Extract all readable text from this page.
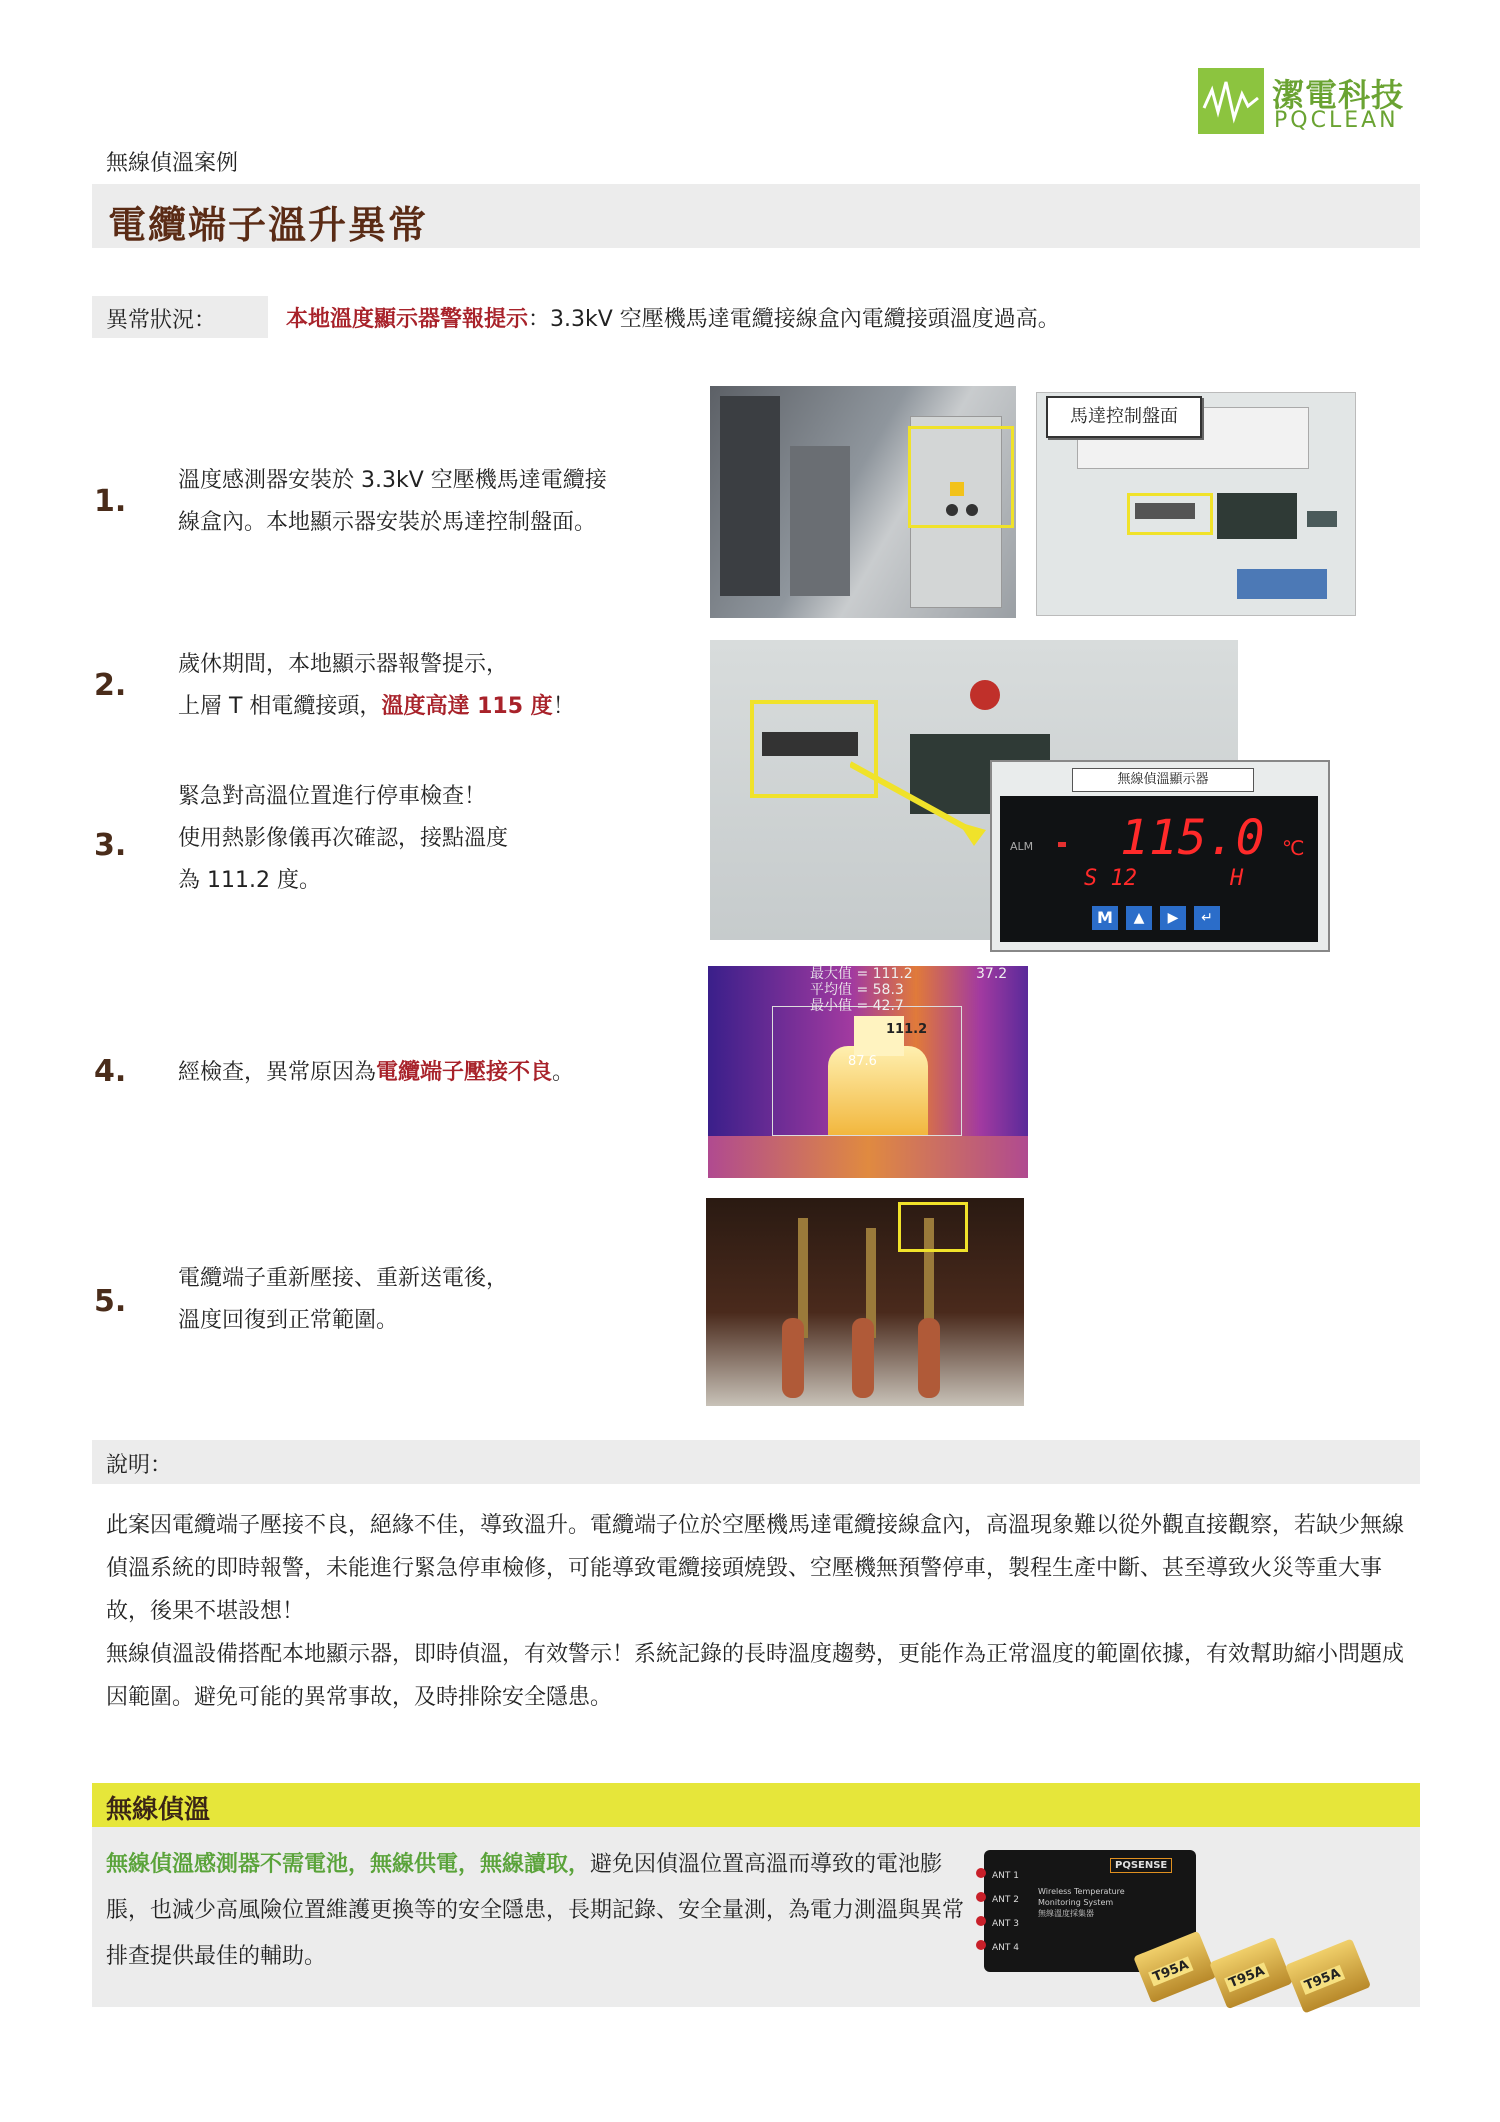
潔電科技
PQCLEAN
無線偵溫案例
電纜端子溫升異常
異常狀況：	本地溫度顯示器警報提示：3.3kV 空壓機馬達電纜接線盒內電纜接頭溫度過高。
1.
溫度感測器安裝於 3.3kV 空壓機馬達電纜接
線盒內。本地顯示器安裝於馬達控制盤面。
2.
歲休期間，本地顯示器報警提示，
上層 T 相電纜接頭，溫度高達 115 度！
3.
緊急對高溫位置進行停車檢查！
使用熱影像儀再次確認，接點溫度
為 111.2 度。
4. 經檢查，異常原因為電纜端子壓接不良。
5.
電纜端子重新壓接、重新送電後，
溫度回復到正常範圍。
馬達控制盤面
無線偵溫顯示器
ALM 115.0 ℃
S 12	H
M	▲	▶	↵
最大值 = 111.2
平均值 = 58.3
最小值 = 42.7
37.2
111.2
87.6
說明：

此案因電纜端子壓接不良，絕緣不佳，導致溫升。電纜端子位於空壓機馬達電纜接線盒內，高溫現象難以從外觀直接觀察，若缺少無線偵溫系統的即時報警，未能進行緊急停車檢修，可能導致電纜接頭燒毀、空壓機無預警停車，製程生產中斷、甚至導致火災等重大事故，後果不堪設想！

無線偵溫設備搭配本地顯示器，即時偵溫，有效警示！系統記錄的長時溫度趨勢，更能作為正常溫度的範圍依據，有效幫助縮小問題成因範圍。避免可能的異常事故，及時排除安全隱患。

無線偵溫
無線偵溫感測器不需電池，無線供電，無線讀取，避免因偵溫位置高溫而導致的電池膨脹，也減少高風險位置維護更換等的安全隱患，長期記錄、安全量測，為電力測溫與異常排查提供最佳的輔助。
ANT 1
ANT 2
ANT 3
ANT 4
PQSENSE
Wireless Temperature
Monitoring System
無線溫度採集器
T95A	T95A	T95A
